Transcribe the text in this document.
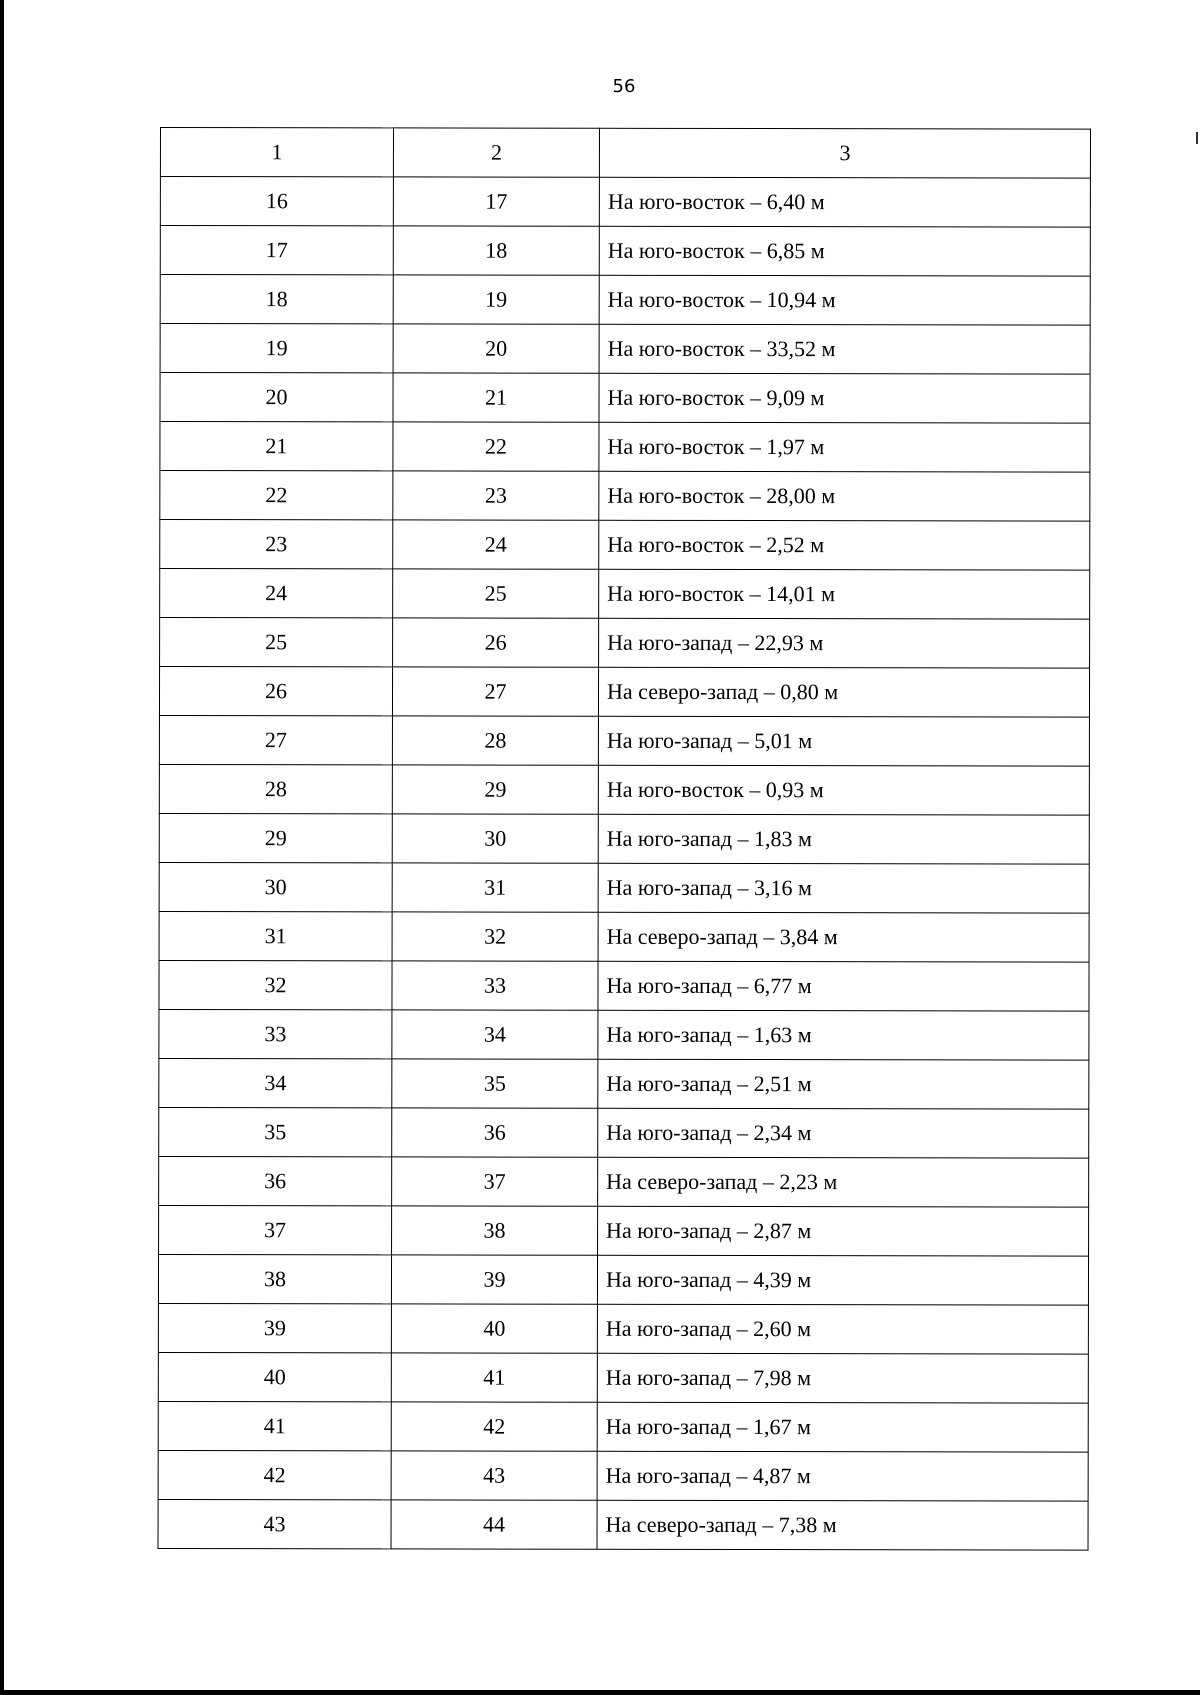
56
1	2	3
16	17	На юго-восток – 6,40 м
17	18	На юго-восток – 6,85 м
18	19	На юго-восток – 10,94 м
19	20	На юго-восток – 33,52 м
20	21	На юго-восток – 9,09 м
21	22	На юго-восток – 1,97 м
22	23	На юго-восток – 28,00 м
23	24	На юго-восток – 2,52 м
24	25	На юго-восток – 14,01 м
25	26	На юго-запад – 22,93 м
26	27	На северо-запад – 0,80 м
27	28	На юго-запад – 5,01 м
28	29	На юго-восток – 0,93 м
29	30	На юго-запад – 1,83 м
30	31	На юго-запад – 3,16 м
31	32	На северо-запад – 3,84 м
32	33	На юго-запад – 6,77 м
33	34	На юго-запад – 1,63 м
34	35	На юго-запад – 2,51 м
35	36	На юго-запад – 2,34 м
36	37	На северо-запад – 2,23 м
37	38	На юго-запад – 2,87 м
38	39	На юго-запад – 4,39 м
39	40	На юго-запад – 2,60 м
40	41	На юго-запад – 7,98 м
41	42	На юго-запад – 1,67 м
42	43	На юго-запад – 4,87 м
43	44	На северо-запад – 7,38 м
